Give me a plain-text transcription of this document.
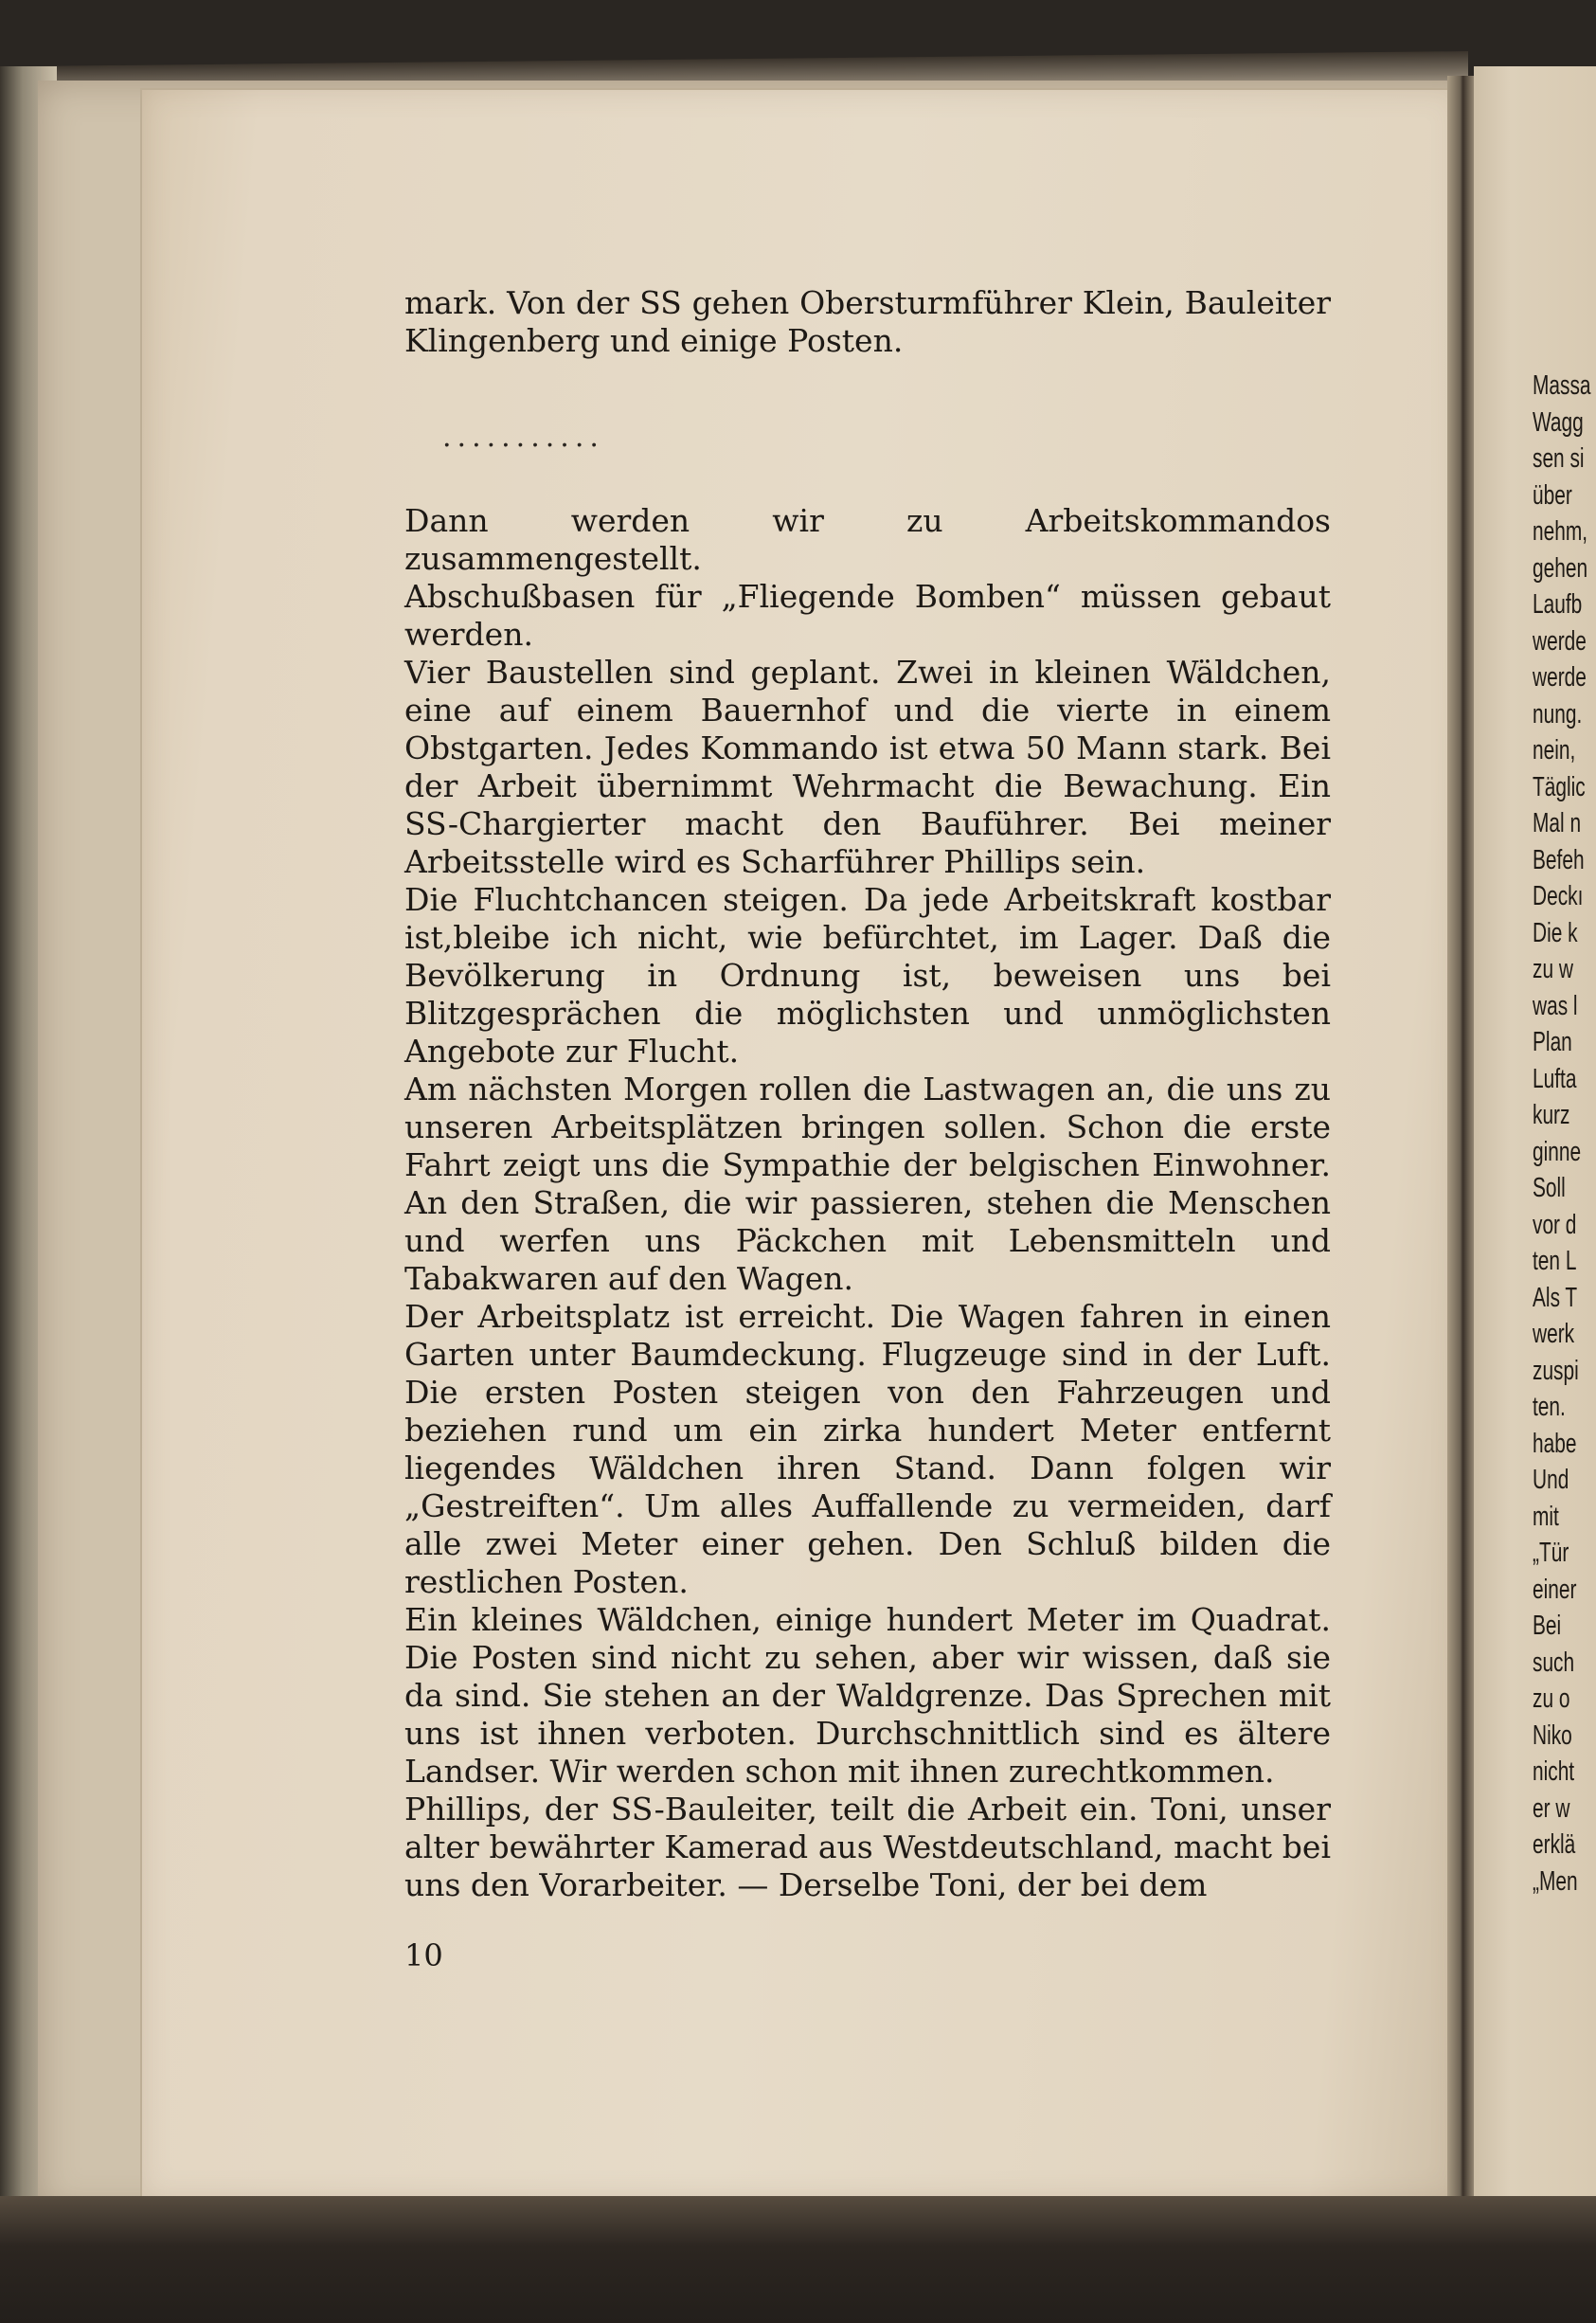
mark. Von der SS gehen Obersturmführer Klein, Bauleiter Klingenberg und einige Posten.

...........

Dann werden wir zu Arbeitskommandos zusammengestellt.

Abschußbasen für „Fliegende Bomben“ müssen gebaut werden.

Vier Baustellen sind geplant. Zwei in kleinen Wäldchen, eine auf einem Bauernhof und die vierte in einem Obstgarten. Jedes Kommando ist etwa 50 Mann stark. Bei der Arbeit übernimmt Wehrmacht die Bewachung. Ein SS-Chargierter macht den Bauführer. Bei meiner Arbeitsstelle wird es Scharführer Phillips sein.

Die Fluchtchancen steigen. Da jede Arbeitskraft kostbar ist,bleibe ich nicht, wie befürchtet, im Lager. Daß die Bevölkerung in Ordnung ist, beweisen uns bei Blitzgesprächen die möglichsten und unmöglichsten Angebote zur Flucht.

Am nächsten Morgen rollen die Lastwagen an, die uns zu unseren Arbeitsplätzen bringen sollen. Schon die erste Fahrt zeigt uns die Sympathie der belgischen Einwohner. An den Straßen, die wir passieren, stehen die Menschen und werfen uns Päckchen mit Lebensmitteln und Tabakwaren auf den Wagen.

Der Arbeitsplatz ist erreicht. Die Wagen fahren in einen Garten unter Baumdeckung. Flugzeuge sind in der Luft. Die ersten Posten steigen von den Fahrzeugen und beziehen rund um ein zirka hundert Meter entfernt liegendes Wäldchen ihren Stand. Dann folgen wir „Gestreiften“. Um alles Auffallende zu vermeiden, darf alle zwei Meter einer gehen. Den Schluß bilden die restlichen Posten.

Ein kleines Wäldchen, einige hundert Meter im Quadrat. Die Posten sind nicht zu sehen, aber wir wissen, daß sie da sind. Sie stehen an der Waldgrenze. Das Sprechen mit uns ist ihnen verboten. Durchschnittlich sind es ältere Landser. Wir werden schon mit ihnen zurechtkommen.

Phillips, der SS-Bauleiter, teilt die Arbeit ein. Toni, unser alter bewährter Kamerad aus Westdeutschland, macht bei uns den Vorarbeiter. — Derselbe Toni, der bei dem

10
Massa
Wagg
sen si
über
nehm,
gehen
Laufb
werde
werde
nung.
nein,
Täglic
Mal n
Befeh
Deckı
Die k
zu w
was l
Plan
Lufta
kurz
ginne
Soll
vor d
ten L
Als T
werk
zuspi
ten.
habe
Und
mit
„Tür
einer
Bei
such
zu o
Niko
nicht
er w
erklä
„Men
